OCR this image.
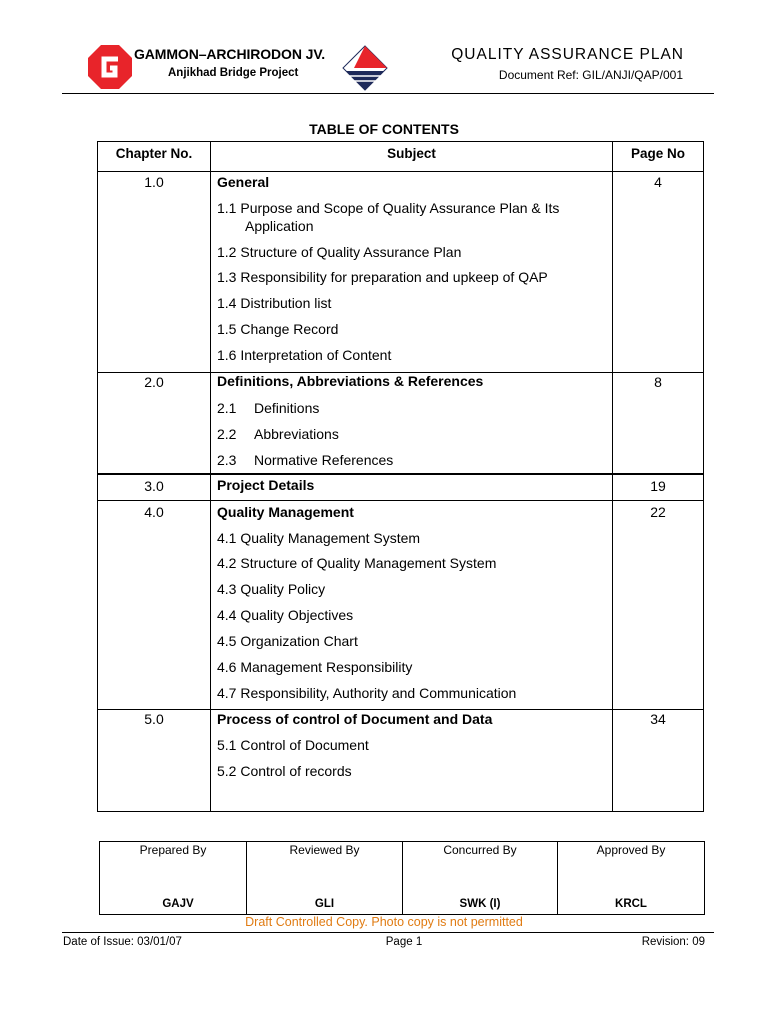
GAMMON–ARCHIRODON JV.
Anjikhad Bridge Project
QUALITY ASSURANCE PLAN
Document Ref: GIL/ANJI/QAP/001
TABLE OF CONTENTS
Chapter No.	Subject	Page No
1.0	General	4
1.1 Purpose and Scope of Quality Assurance Plan & Its
Application
1.2 Structure of Quality Assurance Plan
1.3 Responsibility for preparation and upkeep of QAP
1.4 Distribution list
1.5 Change Record
1.6 Interpretation of Content
2.0	Definitions, Abbreviations & References	8
2.1 Definitions
2.2 Abbreviations
2.3 Normative References
3.0	Project Details	19
4.0	Quality Management	22
4.1 Quality Management System
4.2 Structure of Quality Management System
4.3 Quality Policy
4.4 Quality Objectives
4.5 Organization Chart
4.6 Management Responsibility
4.7 Responsibility, Authority and Communication
5.0	Process of control of Document and Data	34
5.1 Control of Document
5.2 Control of records
Prepared By	Reviewed By	Concurred By	Approved By
GAJV	GLI	SWK (I)	KRCL
Draft Controlled Copy. Photo copy is not permitted
Date of Issue: 03/01/07	Page 1	Revision: 09
